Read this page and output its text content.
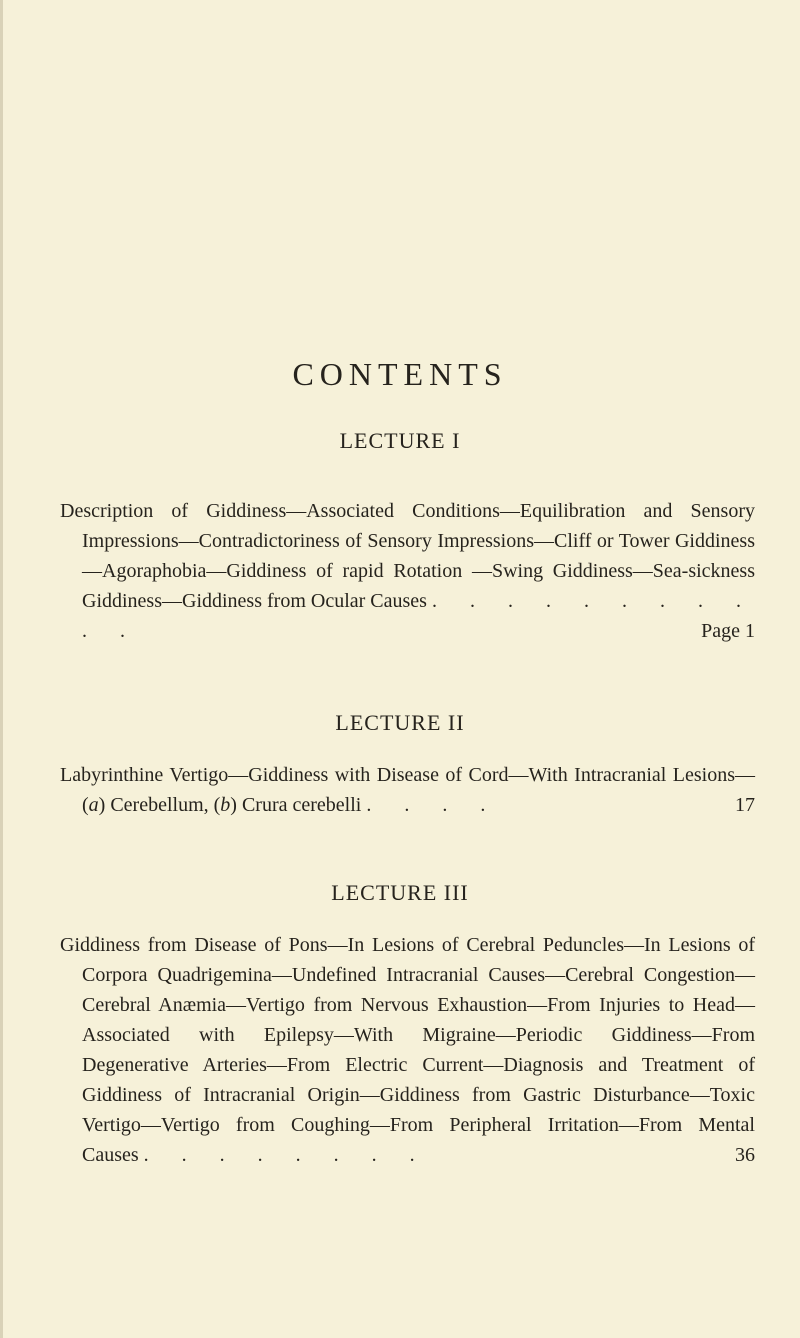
CONTENTS
LECTURE I

Description of Giddiness—Associated Conditions—Equilibration and Sensory Impressions—Contradictoriness of Sensory Impressions—Cliff or Tower Giddiness—Agoraphobia—Giddiness of rapid Rotation —Swing Giddiness—Sea-sickness Giddiness—Giddiness from Ocular Causes . . . . . . . . . . .	Page 1

LECTURE II

Labyrinthine Vertigo—Giddiness with Disease of Cord—With Intracranial Lesions—(a) Cerebellum, (b) Crura cerebelli . . . .	17

LECTURE III

Giddiness from Disease of Pons—In Lesions of Cerebral Peduncles—In Lesions of Corpora Quadrigemina—Undefined Intracranial Causes—Cerebral Congestion—Cerebral Anæmia—Vertigo from Nervous Exhaustion—From Injuries to Head—Associated with Epilepsy—With Migraine—Periodic Giddiness—From Degenerative Arteries—From Electric Current—Diagnosis and Treatment of Giddiness of Intracranial Origin—Giddiness from Gastric Disturbance—Toxic Vertigo—Vertigo from Coughing—From Peripheral Irritation—From Mental Causes . . . . . . . .	36
